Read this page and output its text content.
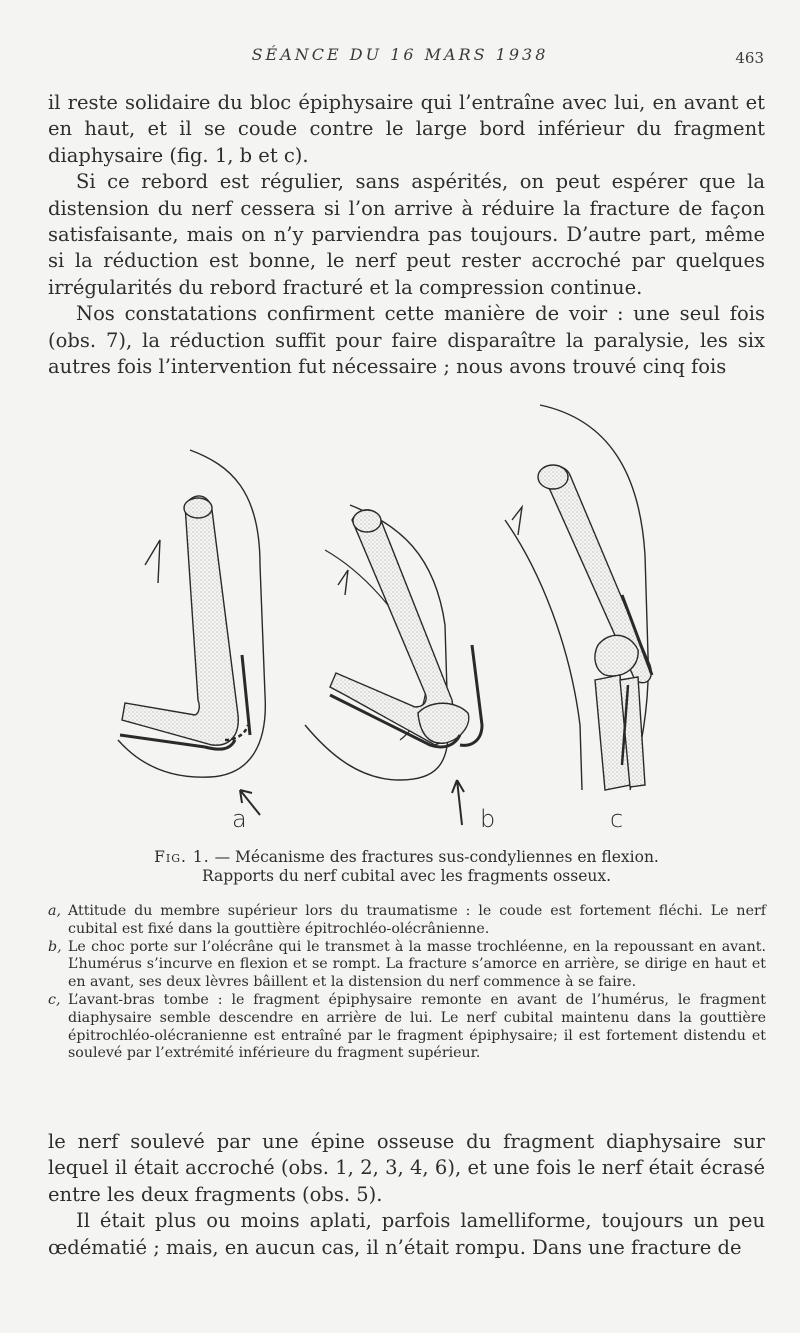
SÉANCE DU 16 MARS 1938	463

il reste solidaire du bloc épiphysaire qui l’entraîne avec lui, en avant et en haut, et il se coude contre le large bord inférieur du fragment diaphysaire (fig. 1, b et c).

Si ce rebord est régulier, sans aspérités, on peut espérer que la distension du nerf cessera si l’on arrive à réduire la fracture de façon satisfaisante, mais on n’y parviendra pas toujours. D’autre part, même si la réduction est bonne, le nerf peut rester accroché par quelques irrégularités du rebord fracturé et la compression continue.

Nos constatations confirment cette manière de voir : une seul fois (obs. 7), la réduction suffit pour faire disparaître la paralysie, les six autres fois l’intervention fut nécessaire ; nous avons trouvé cinq fois

a	b	c
Fig. 1. — Mécanisme des fractures sus-condyliennes en flexion.
Rapports du nerf cubital avec les fragments osseux.
a, Attitude du membre supérieur lors du traumatisme : le coude est fortement fléchi. Le nerf cubital est fixé dans la gouttière épitrochléo-olécrânienne.
b, Le choc porte sur l’olécrâne qui le transmet à la masse trochléenne, en la repoussant en avant. L’humérus s’incurve en flexion et se rompt. La fracture s’amorce en arrière, se dirige en haut et en avant, ses deux lèvres bâillent et la distension du nerf commence à se faire.
c, L’avant-bras tombe : le fragment épiphysaire remonte en avant de l’humérus, le fragment diaphysaire semble descendre en arrière de lui. Le nerf cubital maintenu dans la gouttière épitrochléo-olécranienne est entraîné par le fragment épiphysaire; il est fortement distendu et soulevé par l’extrémité inférieure du fragment supérieur.

le nerf soulevé par une épine osseuse du fragment diaphysaire sur lequel il était accroché (obs. 1, 2, 3, 4, 6), et une fois le nerf était écrasé entre les deux fragments (obs. 5).

Il était plus ou moins aplati, parfois lamelliforme, toujours un peu œdématié ; mais, en aucun cas, il n’était rompu. Dans une fracture de
